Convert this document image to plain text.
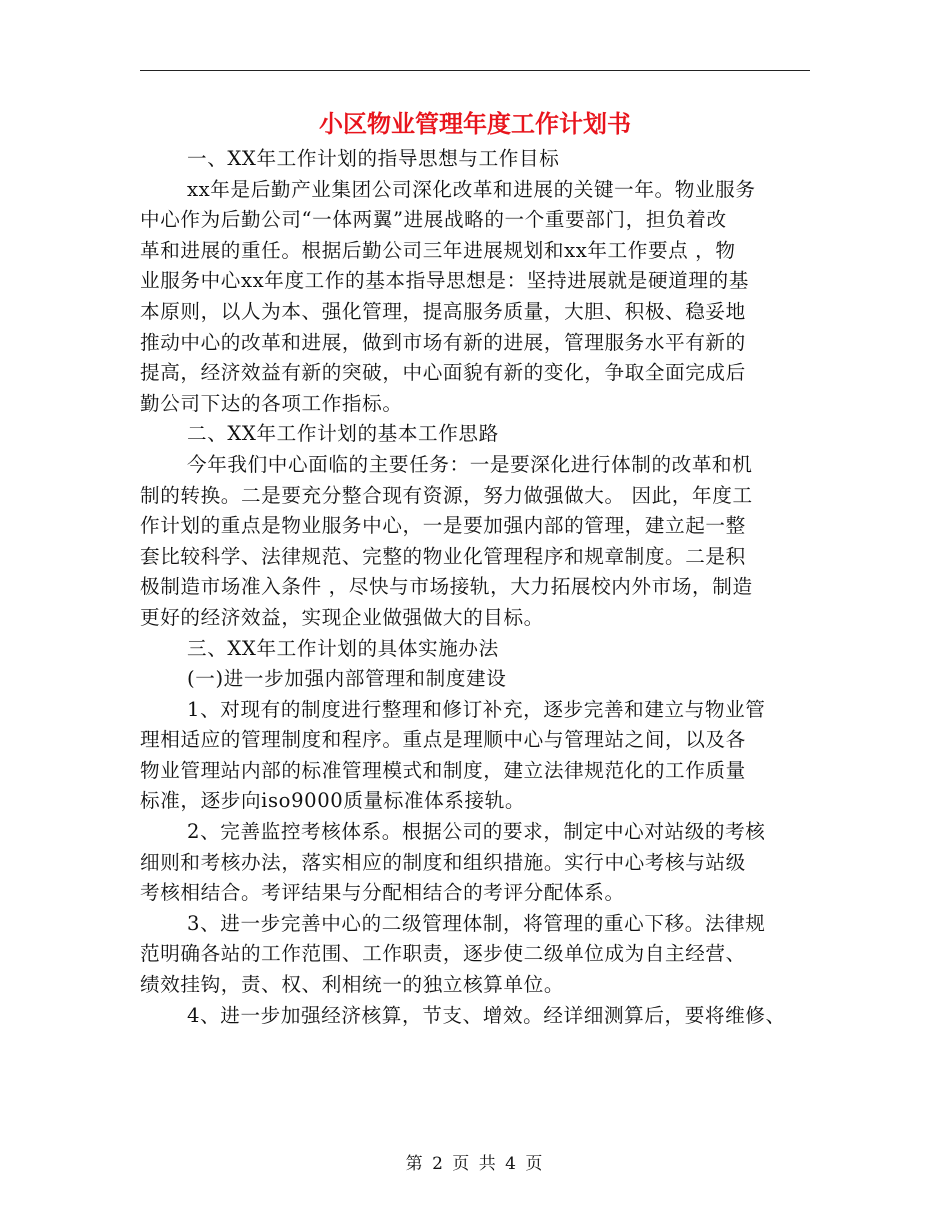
小区物业管理年度工作计划书
一、XX年工作计划的指导思想与工作目标
xx年是后勤产业集团公司深化改革和进展的关键一年。物业服务
中心作为后勤公司“一体两翼”进展战略的一个重要部门，担负着改
革和进展的重任。根据后勤公司三年进展规划和xx年工作要点 ，物
业服务中心xx年度工作的基本指导思想是：坚持进展就是硬道理的基
本原则，以人为本、强化管理，提高服务质量，大胆、积极、稳妥地
推动中心的改革和进展，做到市场有新的进展，管理服务水平有新的
提高，经济效益有新的突破，中心面貌有新的变化，争取全面完成后
勤公司下达的各项工作指标。
二、XX年工作计划的基本工作思路
今年我们中心面临的主要任务：一是要深化进行体制的改革和机
制的转换。二是要充分整合现有资源，努力做强做大。 因此，年度工
作计划的重点是物业服务中心，一是要加强内部的管理，建立起一整
套比较科学、法律规范、完整的物业化管理程序和规章制度。二是积
极制造市场准入条件 ，尽快与市场接轨，大力拓展校内外市场，制造
更好的经济效益，实现企业做强做大的目标。
三、XX年工作计划的具体实施办法
(一)进一步加强内部管理和制度建设
1、对现有的制度进行整理和修订补充，逐步完善和建立与物业管
理相适应的管理制度和程序。重点是理顺中心与管理站之间，以及各
物业管理站内部的标准管理模式和制度，建立法律规范化的工作质量
标准，逐步向iso9000质量标准体系接轨。
2、完善监控考核体系。根据公司的要求，制定中心对站级的考核
细则和考核办法，落实相应的制度和组织措施。实行中心考核与站级
考核相结合。考评结果与分配相结合的考评分配体系。
3、进一步完善中心的二级管理体制，将管理的重心下移。法律规
范明确各站的工作范围、工作职责，逐步使二级单位成为自主经营、
绩效挂钩，责、权、利相统一的独立核算单位。
4、进一步加强经济核算，节支、增效。经详细测算后，要将维修、
第 2 页 共 4 页
